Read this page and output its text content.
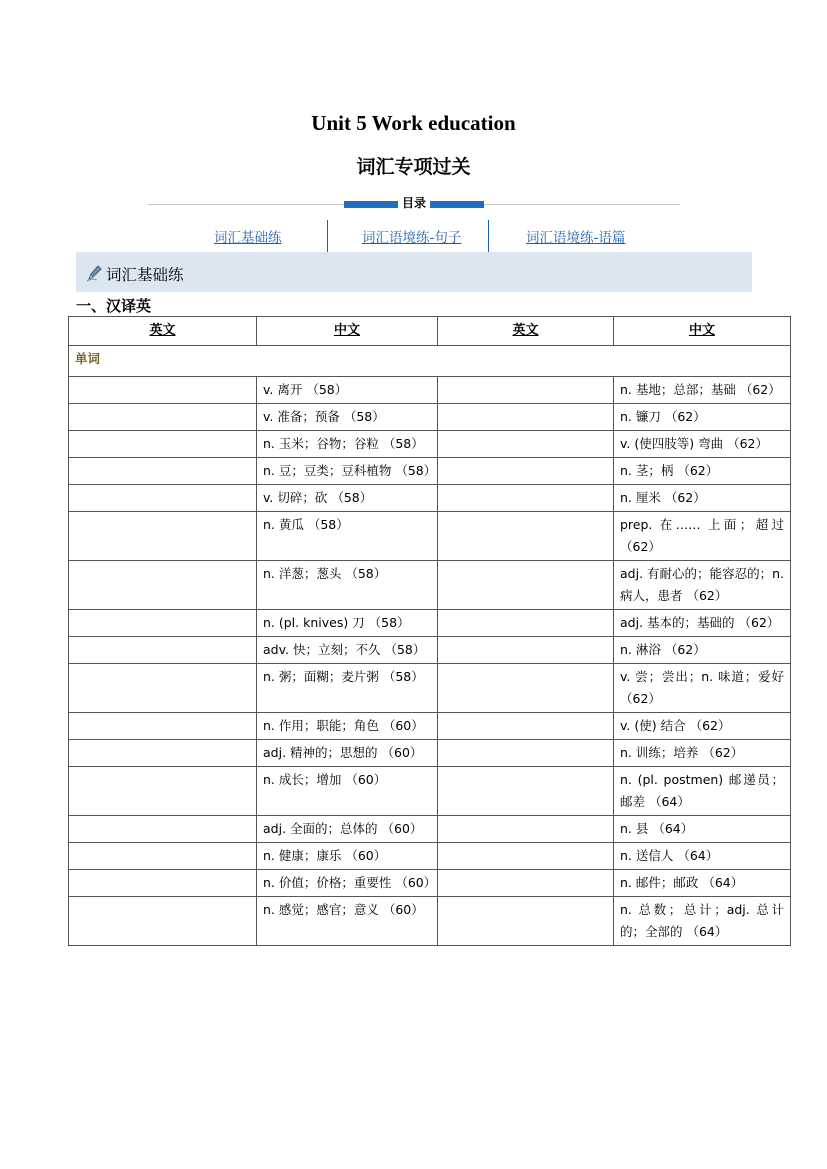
Unit 5 Work education
词汇专项过关
目录
词汇基础练	词汇语境练-句子	词汇语境练-语篇
词汇基础练
一、汉译英
英文	中文	英文	中文
单词			
	v. 离开 （58）		n. 基地；总部；基础 （62）
	v. 准备；预备 （58）		n. 镰刀 （62）
	n. 玉米；谷物；谷粒 （58）		v. (使四肢等) 弯曲 （62）
	n. 豆；豆类；豆科植物 （58）		n. 茎；柄 （62）
	v. 切碎；砍 （58）		n. 厘米 （62）
	n. 黄瓜 （58）		prep. 在…… 上面；超过 （62）
	n. 洋葱；葱头 （58）		adj. 有耐心的；能容忍的；n. 病人，患者 （62）
	n. (pl. knives) 刀 （58）		adj. 基本的；基础的 （62）
	adv. 快；立刻；不久 （58）		n. 淋浴 （62）
	n. 粥；面糊；麦片粥 （58）		v. 尝；尝出；n. 味道；爱好 （62）
	n. 作用；职能；角色 （60）		v. (使) 结合 （62）
	adj. 精神的；思想的 （60）		n. 训练；培养 （62）
	n. 成长；增加 （60）		n. (pl. postmen) 邮递员；邮差 （64）
	adj. 全面的；总体的 （60）		n. 县 （64）
	n. 健康；康乐 （60）		n. 送信人 （64）
	n. 价值；价格；重要性 （60）		n. 邮件；邮政 （64）
	n. 感觉；感官；意义 （60）		n. 总数；总计；adj. 总计的；全部的 （64）
